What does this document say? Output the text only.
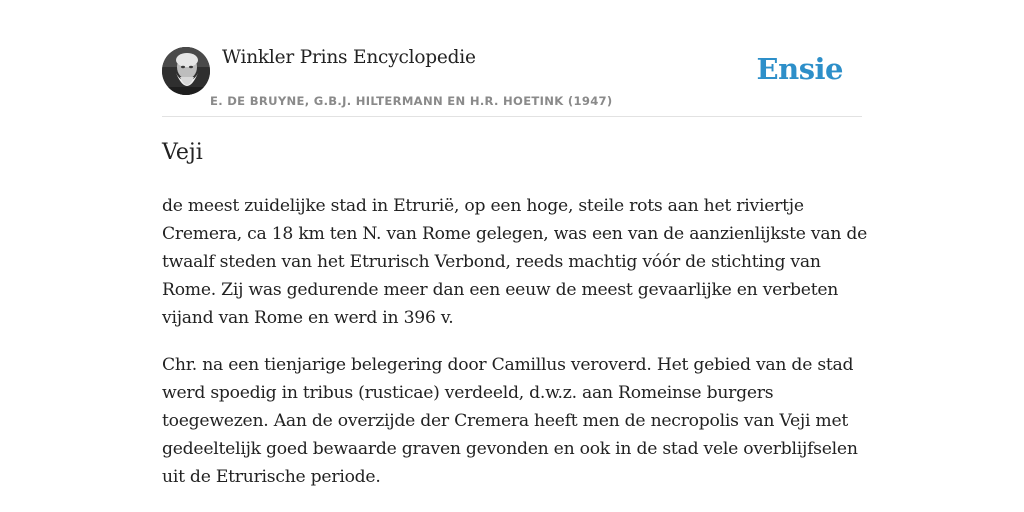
Winkler Prins Encyclopedie
E. DE BRUYNE, G.B.J. HILTERMANN EN H.R. HOETINK (1947)
Ensie
Veji

de meest zuidelijke stad in Etrurië, op een hoge, steile rots aan het riviertje
Cremera, ca 18 km ten N. van Rome gelegen, was een van de aanzienlijkste van de
twaalf steden van het Etrurisch Verbond, reeds machtig vóór de stichting van
Rome. Zij was gedurende meer dan een eeuw de meest gevaarlijke en verbeten
vijand van Rome en werd in 396 v.

Chr. na een tienjarige belegering door Camillus veroverd. Het gebied van de stad
werd spoedig in tribus (rusticae) verdeeld, d.w.z. aan Romeinse burgers
toegewezen. Aan de overzijde der Cremera heeft men de necropolis van Veji met
gedeeltelijk goed bewaarde graven gevonden en ook in de stad vele overblijfselen
uit de Etrurische periode.
